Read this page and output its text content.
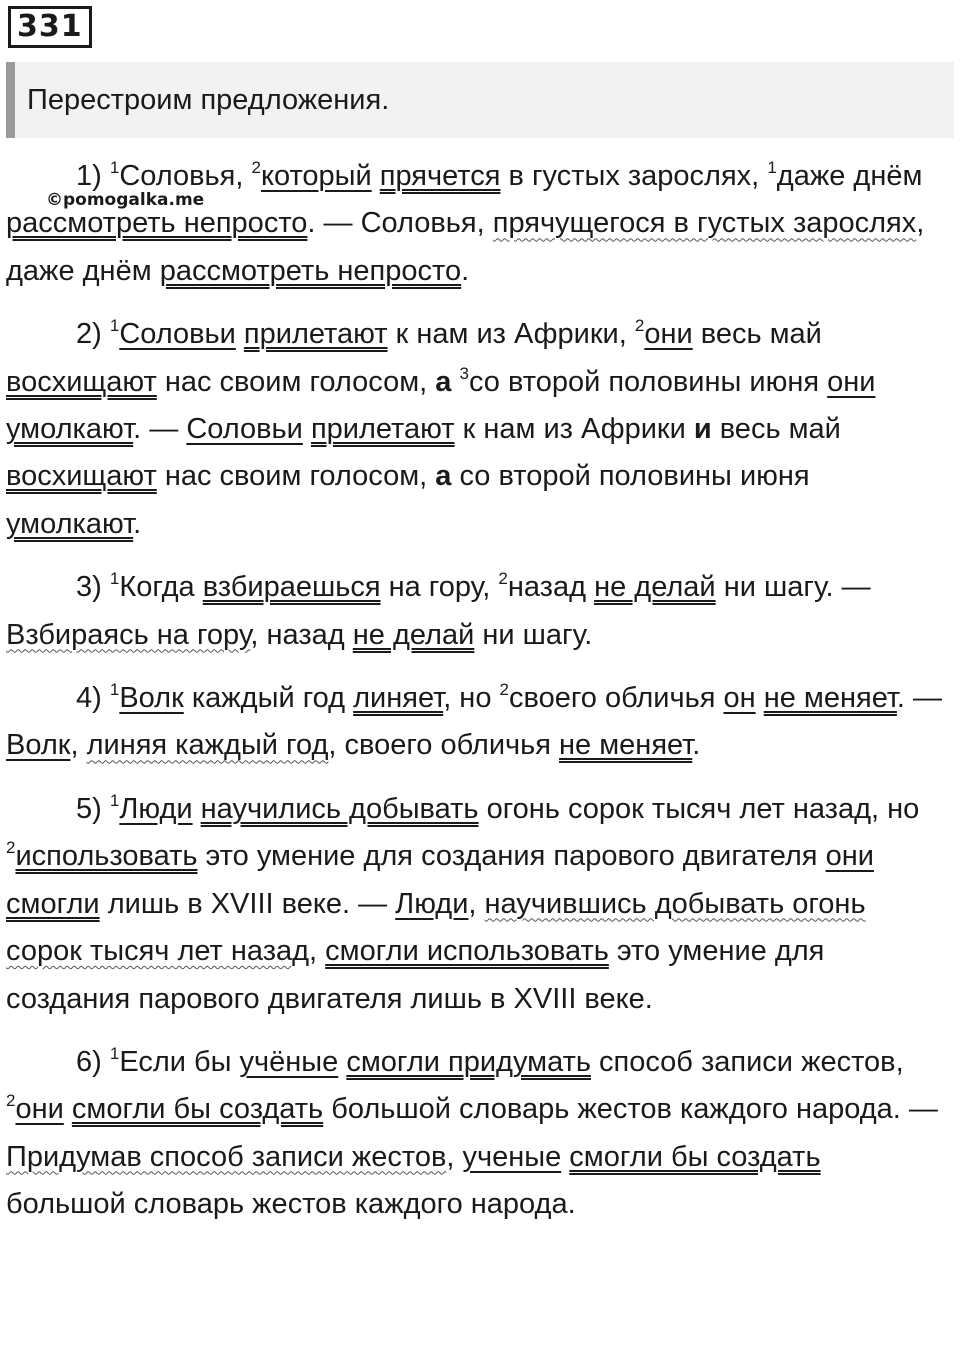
331
Перестроим предложения.

1) $^1$Соловья, $^2$который прячется в густых зарослях, $^1$даже днём рассмотреть непросто. — Соловья, прячущегося в густых зарослях, даже днём рассмотреть непросто.

2) $^1$Соловьи прилетают к нам из Африки, $^2$они весь май восхищают нас своим голосом, а $^3$со второй половины июня они умолкают. — Соловьи прилетают к нам из Африки и весь май восхищают нас своим голосом, а со второй половины июня умолкают.

3) $^1$Когда взбираешься на гору, $^2$назад не делай ни шагу. — Взбираясь на гору, назад не делай ни шагу.

4) $^1$Волк каждый год линяет, но $^2$своего обличья он не меняет. — Волк, линяя каждый год, своего обличья не меняет.

5) $^1$Люди научились добывать огонь сорок тысяч лет назад, но $^2$использовать это умение для создания парового двигателя они смогли лишь в XVIII веке. — Люди, научившись добывать огонь сорок тысяч лет назад, смогли использовать это умение для создания парового двигателя лишь в XVIII веке.

6) $^1$Если бы учёные смогли придумать способ записи жестов, $^2$они смогли бы создать большой словарь жестов каждого народа. — Придумав способ записи жестов, учeные смогли бы создать большой словарь жестов каждого народа.

©pomogalka.me
